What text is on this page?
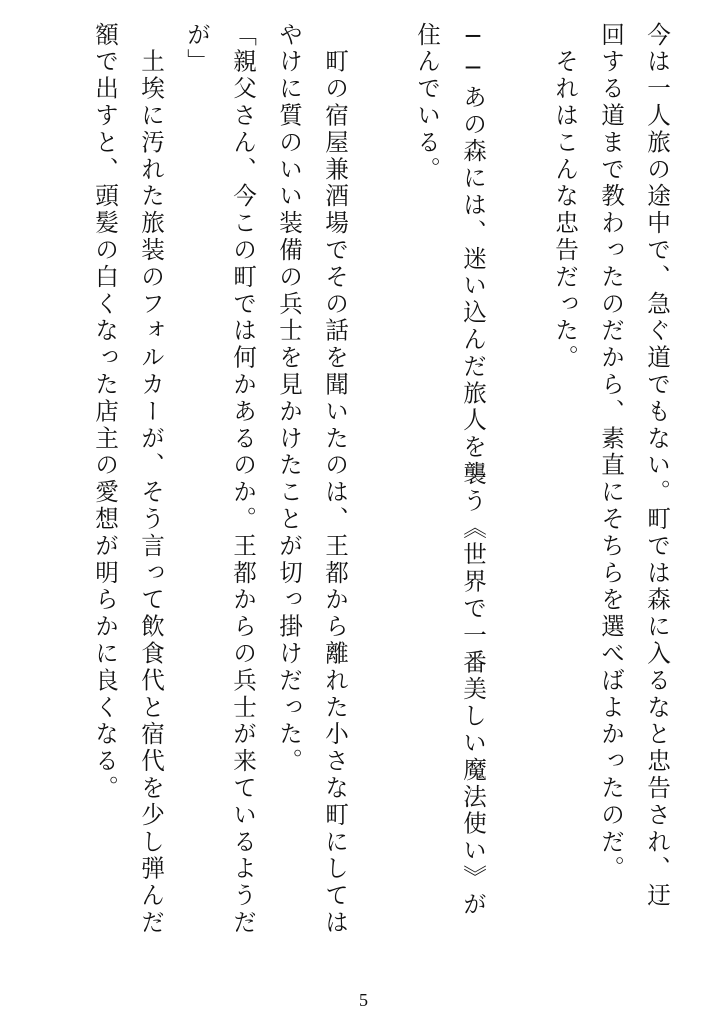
今は一人旅の途中で、急ぐ道でもない。町では森に入るなと忠告され、迂
回する道まで教わったのだから、素直にそちらを選べばよかったのだ。
　それはこんな忠告だった。
──あの森には、迷い込んだ旅人を襲う《世界で一番美しい魔法使い》が
住んでいる。
　町の宿屋兼酒場でその話を聞いたのは、王都から離れた小さな町にしては
やけに質のいい装備の兵士を見かけたことが切っ掛けだった。
「親父さん、今この町では何かあるのか。王都からの兵士が来ているようだ
が」
　土埃に汚れた旅装のフォルカーが、そう言って飲食代と宿代を少し弾んだ
額で出すと、頭髪の白くなった店主の愛想が明らかに良くなる。
5
